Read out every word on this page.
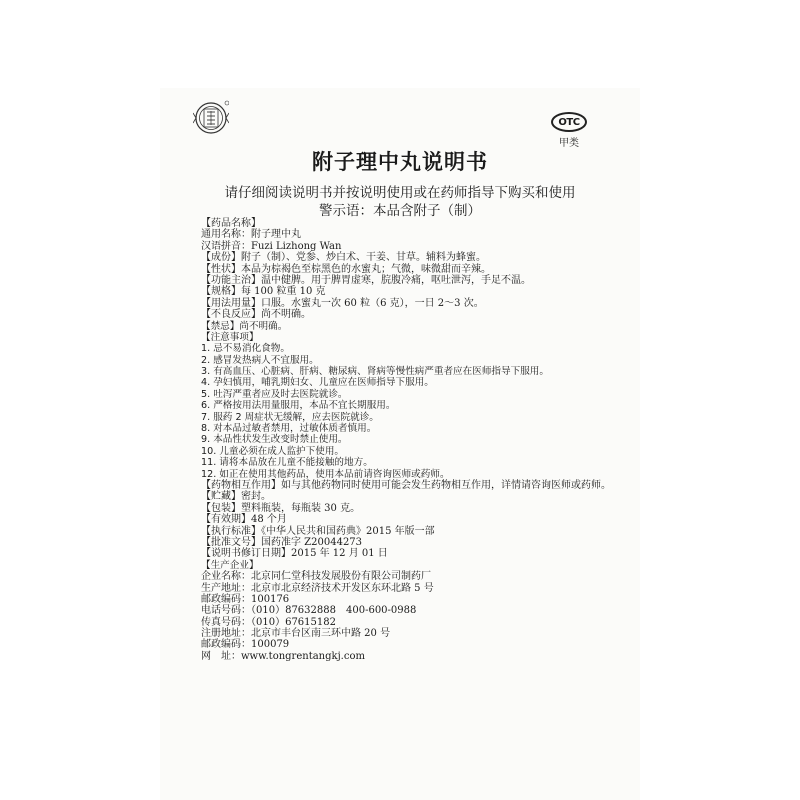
OTC
甲类
附子理中丸说明书
请仔细阅读说明书并按说明使用或在药师指导下购买和使用
警示语：本品含附子（制）
【药品名称】
通用名称：附子理中丸
汉语拼音：Fuzi Lizhong Wan
【成份】附子（制）、党参、炒白术、干姜、甘草。辅料为蜂蜜。
【性状】本品为棕褐色至棕黑色的水蜜丸；气微，味微甜而辛辣。
【功能主治】温中健脾。用于脾胃虚寒，脘腹冷痛，呕吐泄泻，手足不温。
【规格】每 100 粒重 10 克
【用法用量】口服。水蜜丸一次 60 粒（6 克），一日 2～3 次。
【不良反应】尚不明确。
【禁忌】尚不明确。
【注意事项】
1. 忌不易消化食物。
2. 感冒发热病人不宜服用。
3. 有高血压、心脏病、肝病、糖尿病、肾病等慢性病严重者应在医师指导下服用。
4. 孕妇慎用，哺乳期妇女、儿童应在医师指导下服用。
5. 吐泻严重者应及时去医院就诊。
6. 严格按用法用量服用，本品不宜长期服用。
7. 服药 2 周症状无缓解，应去医院就诊。
8. 对本品过敏者禁用，过敏体质者慎用。
9. 本品性状发生改变时禁止使用。
10. 儿童必须在成人监护下使用。
11. 请将本品放在儿童不能接触的地方。
12. 如正在使用其他药品，使用本品前请咨询医师或药师。
【药物相互作用】如与其他药物同时使用可能会发生药物相互作用，详情请咨询医师或药师。
【贮藏】密封。
【包装】塑料瓶装，每瓶装 30 克。
【有效期】48 个月
【执行标准】《中华人民共和国药典》2015 年版一部
【批准文号】国药准字 Z20044273
【说明书修订日期】2015 年 12 月 01 日
【生产企业】
企业名称：北京同仁堂科技发展股份有限公司制药厂
生产地址：北京市北京经济技术开发区东环北路 5 号
邮政编码：100176
电话号码：（010）87632888　400-600-0988
传真号码：（010）67615182
注册地址：北京市丰台区南三环中路 20 号
邮政编码：100079
网　址：www.tongrentangkj.com
